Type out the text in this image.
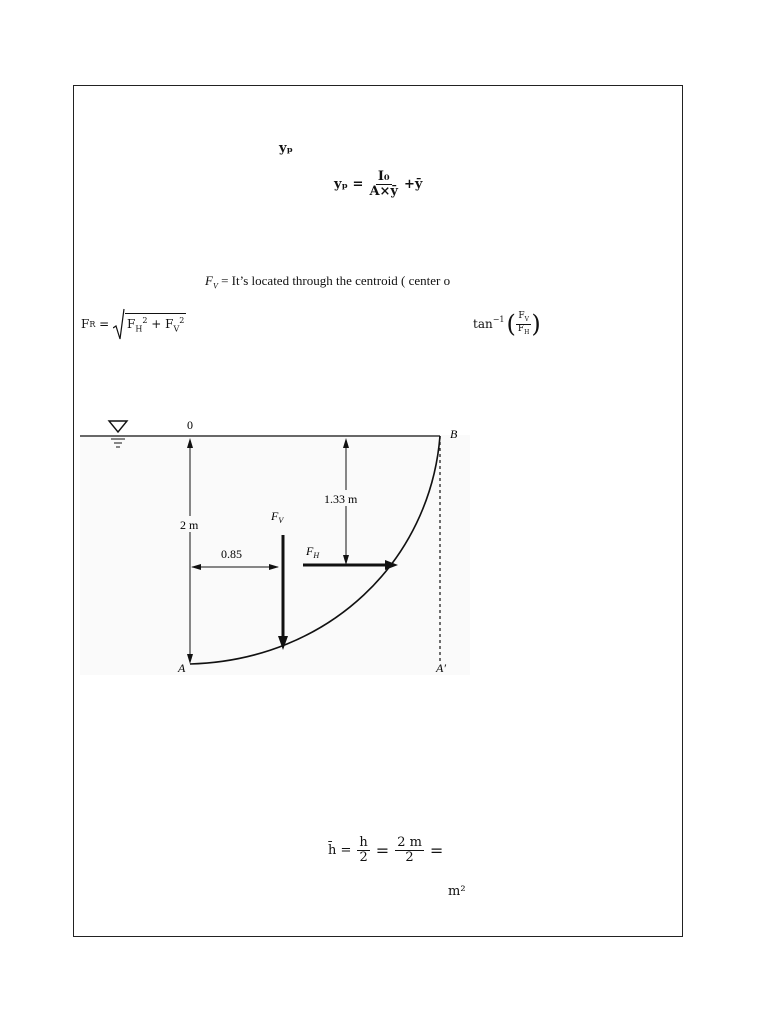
yₚ
$y_p = \frac{\text{I₀}}{A\times ȳ}$ +ȳ
$F_V$ = It’s located through the centroid ( center o
F $R = F_H^2 + F_V^2$	$\tan^{-1}$ ( $\frac{F_V}{F_H}$ )
0
B
A	A′
2 m
1.33 m
0.85
$F_V$
$F_H$
h̄ = $\frac{h}{2} = \frac{2 m}{2}$ =
m²
